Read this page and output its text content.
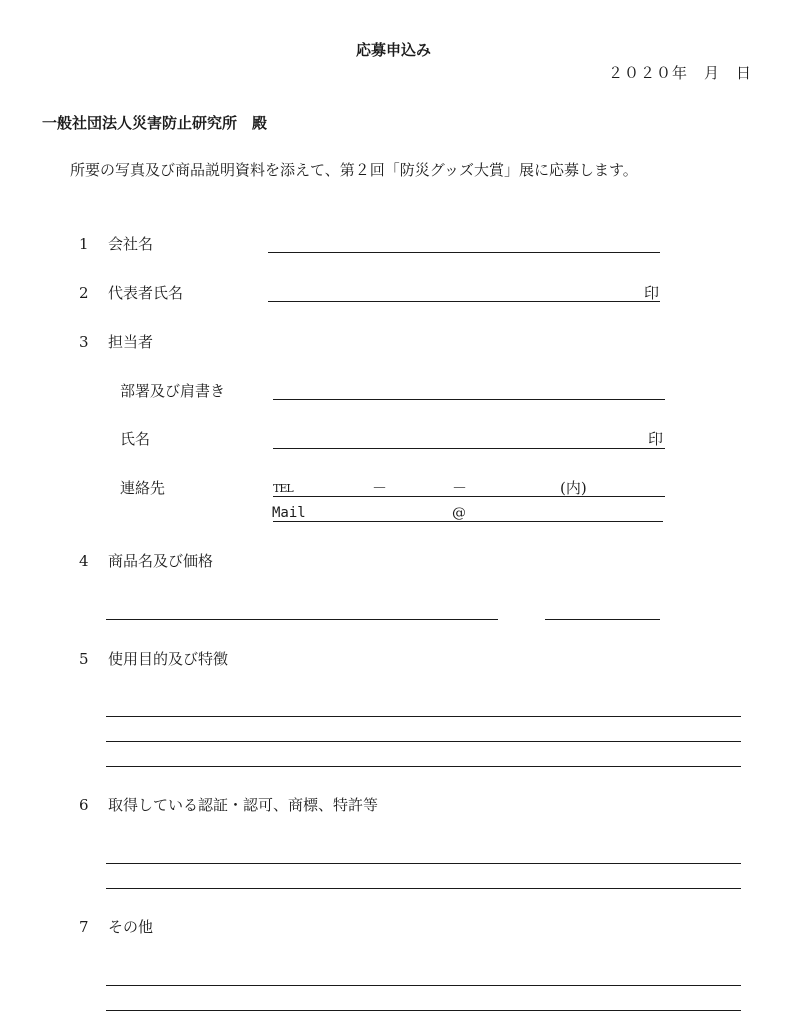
応募申込み
２０２０年　月　日
一般社団法人災害防止研究所　殿
所要の写真及び商品説明資料を添えて、第２回「防災グッズ大賞」展に応募します。
1 会社名
2 代表者氏名	印
3 担当者
部署及び肩書き
氏名	印
連絡先	TEL	－	－	(内)
Mail	@
4 商品名及び価格
5 使用目的及び特徴
6 取得している認証・認可、商標、特許等
7 その他
